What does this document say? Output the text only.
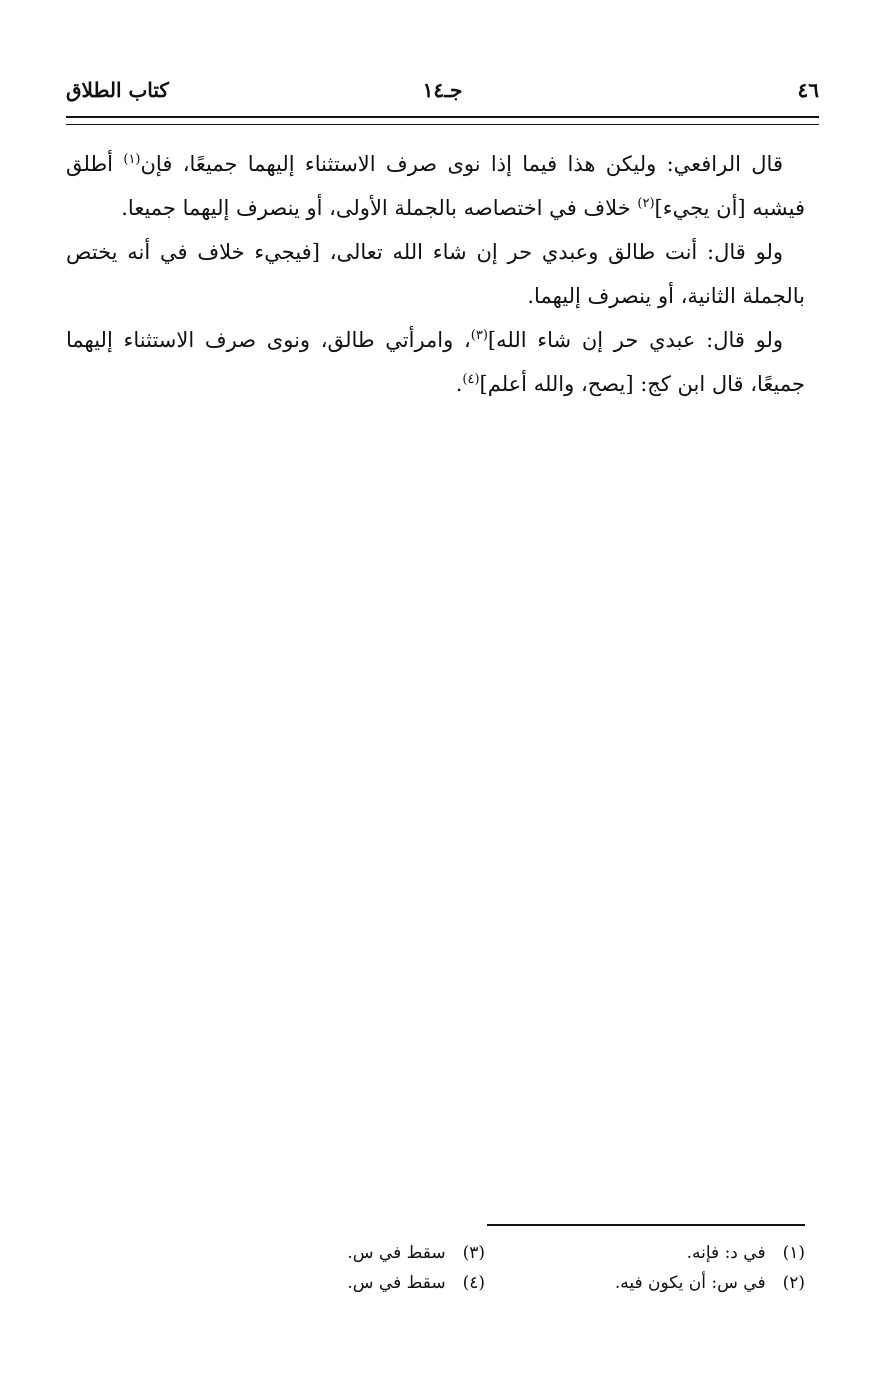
٤٦
جـ١٤
كتاب الطلاق

قال الرافعي: وليكن هذا فيما إذا نوى صرف الاستثناء إليهما جميعًا، فإن$^{(١)}$ أطلق فيشبه [أن يجيء]$^{(٢)}$ خلاف في اختصاصه بالجملة الأولى، أو ينصرف إليهما جميعا.

ولو قال: أنت طالق وعبدي حر إن شاء الله تعالى، [فيجيء خلاف في أنه يختص بالجملة الثانية، أو ينصرف إليهما.

ولو قال: عبدي حر إن شاء الله]$^{(٣)}$، وامرأتي طالق، ونوى صرف الاستثناء إليهما جميعًا، قال ابن كج: [يصح، والله أعلم]$^{(٤)}$.

(١) في د: فإنه.
(٢) في س: أن يكون فيه.
(٣) سقط في س.
(٤) سقط في س.
